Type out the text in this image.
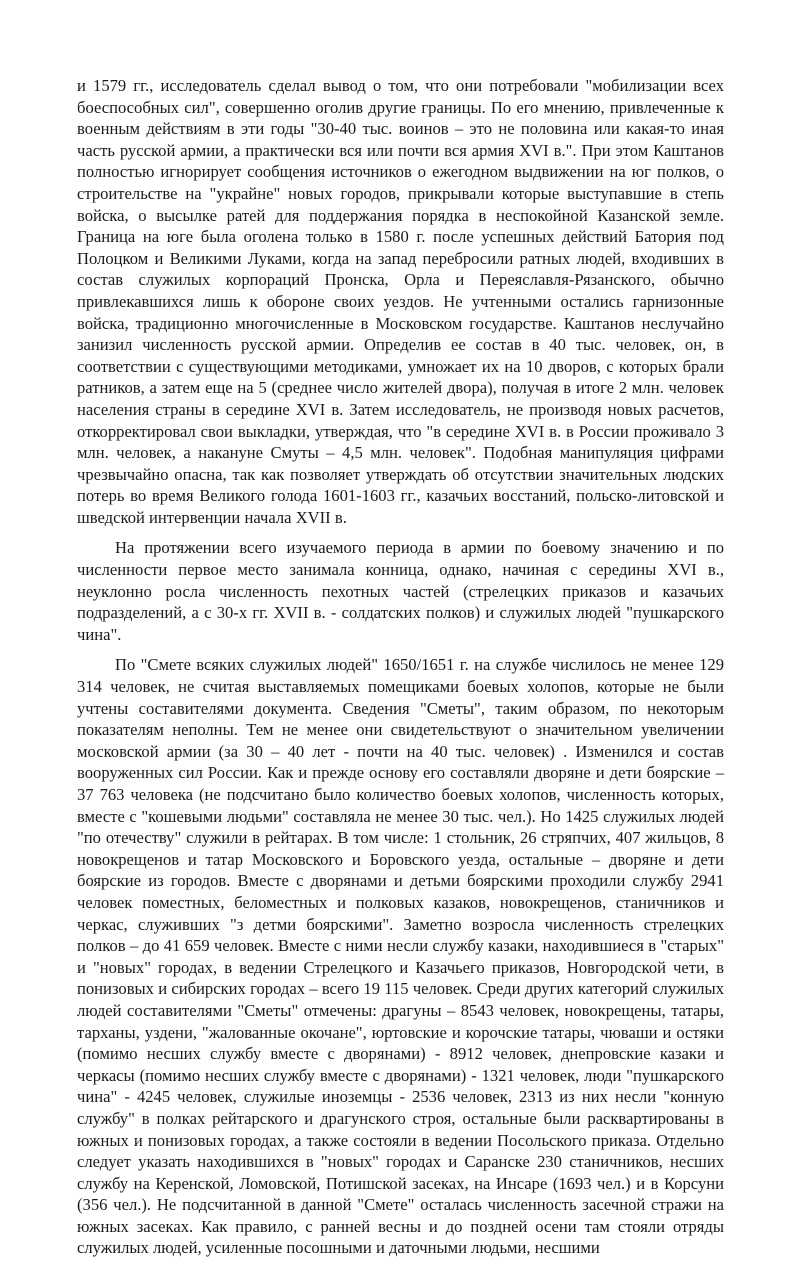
и 1579 гг., исследователь сделал вывод о том, что они потребовали "мобилизации всех боеспособных сил", совершенно оголив другие границы. По его мнению, привлеченные к военным действиям в эти годы "30-40 тыс. воинов – это не половина или какая-то иная часть русской армии, а практически вся или почти вся армия XVI в.". При этом Каштанов полностью игнорирует сообщения источников о ежегодном выдвижении на юг полков, о строительстве на "украйне" новых городов, прикрывали которые выступавшие в степь войска, о высылке ратей для поддержания порядка в неспокойной Казанской земле. Граница на юге была оголена только в 1580 г. после успешных действий Батория под Полоцком и Великими Луками, когда на запад перебросили ратных людей, входивших в состав служилых корпораций Пронска, Орла и Переяславля-Рязанского, обычно привлекавшихся лишь к обороне своих уездов. Не учтенными остались гарнизонные войска, традиционно многочисленные в Московском государстве. Каштанов неслучайно занизил численность русской армии. Определив ее состав в 40 тыс. человек, он, в соответствии с существующими методиками, умножает их на 10 дворов, с которых брали ратников, а затем еще на 5 (среднее число жителей двора), получая в итоге 2 млн. человек населения страны в середине XVI в. Затем исследователь, не производя новых расчетов, откорректировал свои выкладки, утверждая, что "в середине XVI в. в России проживало 3 млн. человек, а накануне Смуты – 4,5 млн. человек". Подобная манипуляция цифрами чрезвычайно опасна, так как позволяет утверждать об отсутствии значительных людских потерь во время Великого голода 1601-1603 гг., казачьих восстаний, польско-литовской и шведской интервенции начала XVII в.

На протяжении всего изучаемого периода в армии по боевому значению и по численности первое место занимала конница, однако, начиная с середины XVI в., неуклонно росла численность пехотных частей (стрелецких приказов и казачьих подразделений, а с 30-х гг. XVII в. - солдатских полков) и служилых людей "пушкарского чина".

По "Смете всяких служилых людей" 1650/1651 г. на службе числилось не менее 129 314 человек, не считая выставляемых помещиками боевых холопов, которые не были учтены составителями документа. Сведения "Сметы", таким образом, по некоторым показателям неполны. Тем не менее они свидетельствуют о значительном увеличении московской армии (за 30 – 40 лет - почти на 40 тыс. человек) . Изменился и состав вооруженных сил России. Как и прежде основу его составляли дворяне и дети боярские – 37 763 человека (не подсчитано было количество боевых холопов, численность которых, вместе с "кошевыми людьми" составляла не менее 30 тыс. чел.). Но 1425 служилых людей "по отечеству" служили в рейтарах. В том числе: 1 стольник, 26 стряпчих, 407 жильцов, 8 новокрещенов и татар Московского и Боровского уезда, остальные – дворяне и дети боярские из городов. Вместе с дворянами и детьми боярскими проходили службу 2941 человек поместных, беломестных и полковых казаков, новокрещенов, станичников и черкас, служивших "з детми боярскими". Заметно возросла численность стрелецких полков – до 41 659 человек. Вместе с ними несли службу казаки, находившиеся в "старых" и "новых" городах, в ведении Стрелецкого и Казачьего приказов, Новгородской чети, в понизовых и сибирских городах – всего 19 115 человек. Среди других категорий служилых людей составителями "Сметы" отмечены: драгуны – 8543 человек, новокрещены, татары, тарханы, уздени, "жалованные окочане", юртовские и корочские татары, чюваши и остяки (помимо несших службу вместе с дворянами) - 8912 человек, днепровские казаки и черкасы (помимо несших службу вместе с дворянами) - 1321 человек, люди "пушкарского чина" - 4245 человек, служилые иноземцы - 2536 человек, 2313 из них несли "конную службу" в полках рейтарского и драгунского строя, остальные были расквартированы в южных и понизовых городах, а также состояли в ведении Посольского приказа. Отдельно следует указать находившихся в "новых" городах и Саранске 230 станичников, несших службу на Керенской, Ломовской, Потишской засеках, на Инсаре (1693 чел.) и в Корсуни (356 чел.). Не подсчитанной в данной "Смете" осталась численность засечной стражи на южных засеках. Как правило, с ранней весны и до поздней осени там стояли отряды служилых людей, усиленные посошными и даточными людьми, несшими
